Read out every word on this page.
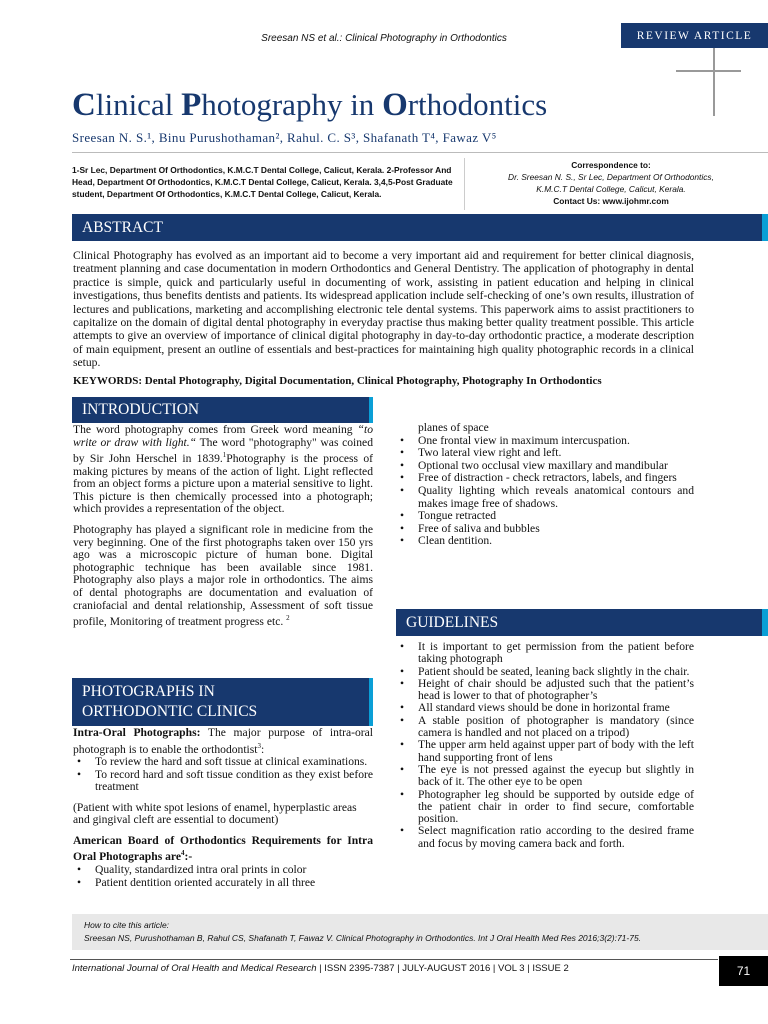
Sreesan NS et al.: Clinical Photography in Orthodontics	REVIEW ARTICLE
Clinical Photography in Orthodontics
Sreesan N. S.¹, Binu Purushothaman², Rahul. C. S³, Shafanath T⁴, Fawaz V⁵
1-Sr Lec, Department Of Orthodontics, K.M.C.T Dental College, Calicut, Kerala. 2-Professor And Head, Department Of Orthodontics, K.M.C.T Dental College, Calicut, Kerala. 3,4,5-Post Graduate student, Department Of Orthodontics, K.M.C.T Dental College, Calicut, Kerala.
Correspondence to:
Dr. Sreesan N. S., Sr Lec, Department Of Orthodontics,
K.M.C.T Dental College, Calicut, Kerala.
Contact Us: www.ijohmr.com
ABSTRACT
Clinical Photography has evolved as an important aid to become a very important aid and requirement for better clinical diagnosis, treatment planning and case documentation in modern Orthodontics and General Dentistry. The application of photography in dental practice is simple, quick and particularly useful in documenting of work, assisting in patient education and helping in clinical investigations, thus benefits dentists and patients. Its widespread application include self-checking of one’s own results, illustration of lectures and publications, marketing and accomplishing electronic tele dental systems. This paperwork aims to assist practitioners to capitalize on the domain of digital dental photography in everyday practise thus making better quality treatment possible. This article attempts to give an overview of importance of clinical digital photography in day-to-day orthodontic practice, a moderate description of main equipment, present an outline of essentials and best-practices for maintaining high quality photographic records in a clinical setup.
KEYWORDS: Dental Photography, Digital Documentation, Clinical Photography, Photography In Orthodontics
INTRODUCTION

The word photography comes from Greek word meaning “to write or draw with light.“ The word "photography" was coined by Sir John Herschel in 1839.$^1$Photography is the process of making pictures by means of the action of light. Light reflected from an object forms a picture upon a material sensitive to light. This picture is then chemically processed into a photograph; which provides a representation of the object.

Photography has played a significant role in medicine from the very beginning. One of the first photographs taken over 150 yrs ago was a microscopic picture of human bone. Digital photographic technique has been available since 1981. Photography also plays a major role in orthodontics. The aims of dental photographs are documentation and evaluation of craniofacial and dental relationship, Assessment of soft tissue profile, Monitoring of treatment progress etc. $^2$

PHOTOGRAPHS IN
ORTHODONTIC CLINICS

Intra-Oral Photographs: The major purpose of intra-oral photograph is to enable the orthodontist$^3$:

• To review the hard and soft tissue at clinical examinations.
• To record hard and soft tissue condition as they exist before treatment

(Patient with white spot lesions of enamel, hyperplastic areas and gingival cleft are essential to document)

American Board of Orthodontics Requirements for Intra Oral Photographs are$^4$:-

• Quality, standardized intra oral prints in color
• Patient dentition oriented accurately in all three

planes of space

• One frontal view in maximum intercuspation.
• Two lateral view right and left.
• Optional two occlusal view maxillary and mandibular
• Free of distraction - check retractors, labels, and fingers
• Quality lighting which reveals anatomical contours and makes image free of shadows.
• Tongue retracted
• Free of saliva and bubbles
• Clean dentition.
GUIDELINES
• It is important to get permission from the patient before taking photograph
• Patient should be seated, leaning back slightly in the chair.
• Height of chair should be adjusted such that the patient’s head is lower to that of photographer’s
• All standard views should be done in horizontal frame
• A stable position of photographer is mandatory (since camera is handled and not placed on a tripod)
• The upper arm held against upper part of body with the left hand supporting front of lens
• The eye is not pressed against the eyecup but slightly in back of it. The other eye to be open
• Photographer leg should be supported by outside edge of the patient chair in order to find secure, comfortable position.
• Select magnification ratio according to the desired frame and focus by moving camera back and forth.
How to cite this article:
Sreesan NS, Purushothaman B, Rahul CS, Shafanath T, Fawaz V. Clinical Photography in Orthodontics. Int J Oral Health Med Res 2016;3(2):71-75.
International Journal of Oral Health and Medical Research | ISSN 2395-7387 | JULY-AUGUST 2016 | VOL 3 | ISSUE 2	71
